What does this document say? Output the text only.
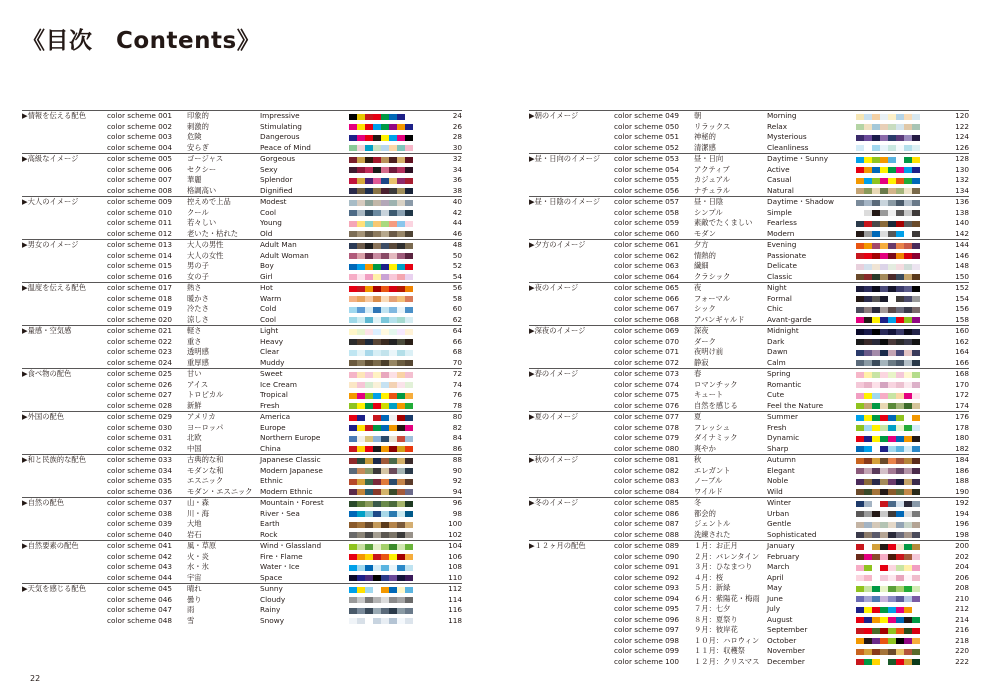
《目次　Contents》
▶情報を伝える配色	color scheme 001 印象的	Impressive	24
color scheme 002 刺激的	Stimulating	26
color scheme 003 危険	Dangerous	28
color scheme 004 安らぎ	Peace of Mind	30
▶高級なイメージ	color scheme 005 ゴージャス	Gorgeous	32
color scheme 006 セクシー	Sexy	34
color scheme 007 華麗	Splendor	36
color scheme 008 格調高い	Dignified	38
▶大人のイメージ	color scheme 009 控えめで上品	Modest	40
color scheme 010 クール	Cool	42
color scheme 011 若々しい	Young	44
color scheme 012 老いた・枯れた	Old	46
▶男女のイメージ	color scheme 013 大人の男性	Adult Man	48
color scheme 014 大人の女性	Adult Woman	50
color scheme 015 男の子	Boy	52
color scheme 016 女の子	Girl	54
▶温度を伝える配色	color scheme 017 熱さ	Hot	56
color scheme 018 暖かさ	Warm	58
color scheme 019 冷たさ	Cold	60
color scheme 020 涼しさ	Cool	62
▶量感・空気感	color scheme 021 軽さ	Light	64
color scheme 022 重さ	Heavy	66
color scheme 023 透明感	Clear	68
color scheme 024 重厚感	Muddy	70
▶食べ物の配色	color scheme 025 甘い	Sweet	72
color scheme 026 アイス	Ice Cream	74
color scheme 027 トロピカル	Tropical	76
color scheme 028 新鮮	Fresh	78
▶外国の配色	color scheme 029 アメリカ	America	80
color scheme 030 ヨーロッパ	Europe	82
color scheme 031 北欧	Northern Europe	84
color scheme 032 中国	China	86
▶和と民族的な配色	color scheme 033 古典的な和	Japanese Classic	88
color scheme 034 モダンな和	Modern Japanese	90
color scheme 035 エスニック	Ethnic	92
color scheme 036 モダン・エスニック Modern Ethnic	94
▶自然の配色	color scheme 037 山・森	Mountain・Forest	96
color scheme 038 川・海	River・Sea	98
color scheme 039 大地	Earth	100
color scheme 040 岩石	Rock	102
▶自然要素の配色	color scheme 041 風・草原	Wind・Glassland	104
color scheme 042 火・炎	Fire・Flame	106
color scheme 043 水・氷	Water・Ice	108
color scheme 044 宇宙	Space	110
▶天気を感じる配色	color scheme 045 晴れ	Sunny	112
color scheme 046 曇り	Cloudy	114
color scheme 047 雨	Rainy	116
color scheme 048 雪	Snowy	118
▶朝のイメージ	color scheme 049 朝	Morning	120
color scheme 050 リラックス	Relax	122
color scheme 051 神秘的	Mysterious	124
color scheme 052 清潔感	Cleanliness	126
▶昼・日向のイメージ color scheme 053 昼・日向	Daytime・Sunny	128
color scheme 054 アクティブ	Active	130
color scheme 055 カジュアル	Casual	132
color scheme 056 ナチュラル	Natural	134
▶昼・日陰のイメージ color scheme 057 昼・日陰	Daytime・Shadow	136
color scheme 058 シンプル	Simple	138
color scheme 059 素敵でたくましい Fearless	140
color scheme 060 モダン	Modern	142
▶夕方のイメージ	color scheme 061 夕方	Evening	144
color scheme 062 情熱的	Passionate	146
color scheme 063 繊細	Delicate	148
color scheme 064 クラシック	Classic	150
▶夜のイメージ	color scheme 065 夜	Night	152
color scheme 066 フォーマル	Formal	154
color scheme 067 シック	Chic	156
color scheme 068 アバンギャルド	Avant-garde	158
▶深夜のイメージ	color scheme 069 深夜	Midnight	160
color scheme 070 ダーク	Dark	162
color scheme 071 夜明け前	Dawn	164
color scheme 072 静寂	Calm	166
▶春のイメージ	color scheme 073 春	Spring	168
color scheme 074 ロマンチック	Romantic	170
color scheme 075 キュート	Cute	172
color scheme 076 自然を感じる	Feel the Nature	174
▶夏のイメージ	color scheme 077 夏	Summer	176
color scheme 078 フレッシュ	Fresh	178
color scheme 079 ダイナミック	Dynamic	180
color scheme 080 爽やか	Sharp	182
▶秋のイメージ	color scheme 081 秋	Autumn	184
color scheme 082 エレガント	Elegant	186
color scheme 083 ノーブル	Noble	188
color scheme 084 ワイルド	Wild	190
▶冬のイメージ	color scheme 085 冬	Winter	192
color scheme 086 都会的	Urban	194
color scheme 087 ジェントル	Gentle	196
color scheme 088 洗練された	Sophisticated	198
▶１２ヶ月の配色	color scheme 089 １月：お正月	January	200
color scheme 090 ２月：バレンタイン February	202
color scheme 091 ３月：ひなまつり March	204
color scheme 092 ４月：桜	April	206
color scheme 093 ５月：新緑	May	208
color scheme 094 ６月：紫陽花・梅雨 June	210
color scheme 095 ７月：七夕	July	212
color scheme 096 ８月：夏祭り	August	214
color scheme 097 ９月：彼岸花	September	216
color scheme 098 １０月：ハロウィン October	218
color scheme 099 １１月：収穫祭	November	220
color scheme 100 １２月：クリスマス December	222
22
